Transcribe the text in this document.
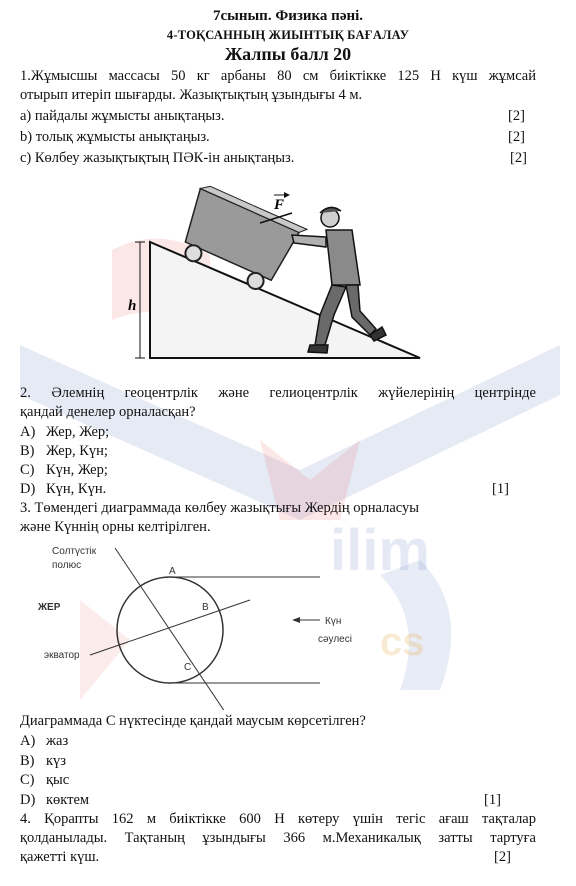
ilim
cs
7сынып. Физика пәні.
4-ТОҚСАННЫҢ ЖИЫНТЫҚ БАҒАЛАУ
Жалпы балл 20
1.Жұмысшы массасы 50 кг арбаны 80 см биіктікке 125 Н күш жұмсай
отырып итеріп шығарды. Жазықтықтың ұзындығы 4 м.
а) пайдалы жұмысты анықтаңыз.	[2]
b) толық жұмысты анықтаңыз.	[2]
c) Көлбеу жазықтықтың ПӘК-ін анықтаңыз.	[2]
h
F
2. Әлемнің геоцентрлік және гелиоцентрлік жүйелерінің центрінде
қандай денелер орналасқан?
A) Жер, Жер;
B) Жер, Күн;
C) Күн, Жер;
D) Күн, Күн.	[1]
3. Төмендегі диаграммада көлбеу жазықтығы Жердің орналасуы
және Күннің орны келтірілген.
Солтүстік
полюс
ЖЕР
экватор
A
B
C
Күн
сәулесі
Диаграммада С нүктесінде қандай маусым көрсетілген?
A) жаз
B) күз
C) қыс
D) көктем	[1]
4. Қорапты 162 м биіктікке 600 Н көтеру үшін тегіс ағаш тақталар
қолданылады. Тақтаның ұзындығы 366 м.Механикалық затты тартуға
қажетті күш.	[2]
